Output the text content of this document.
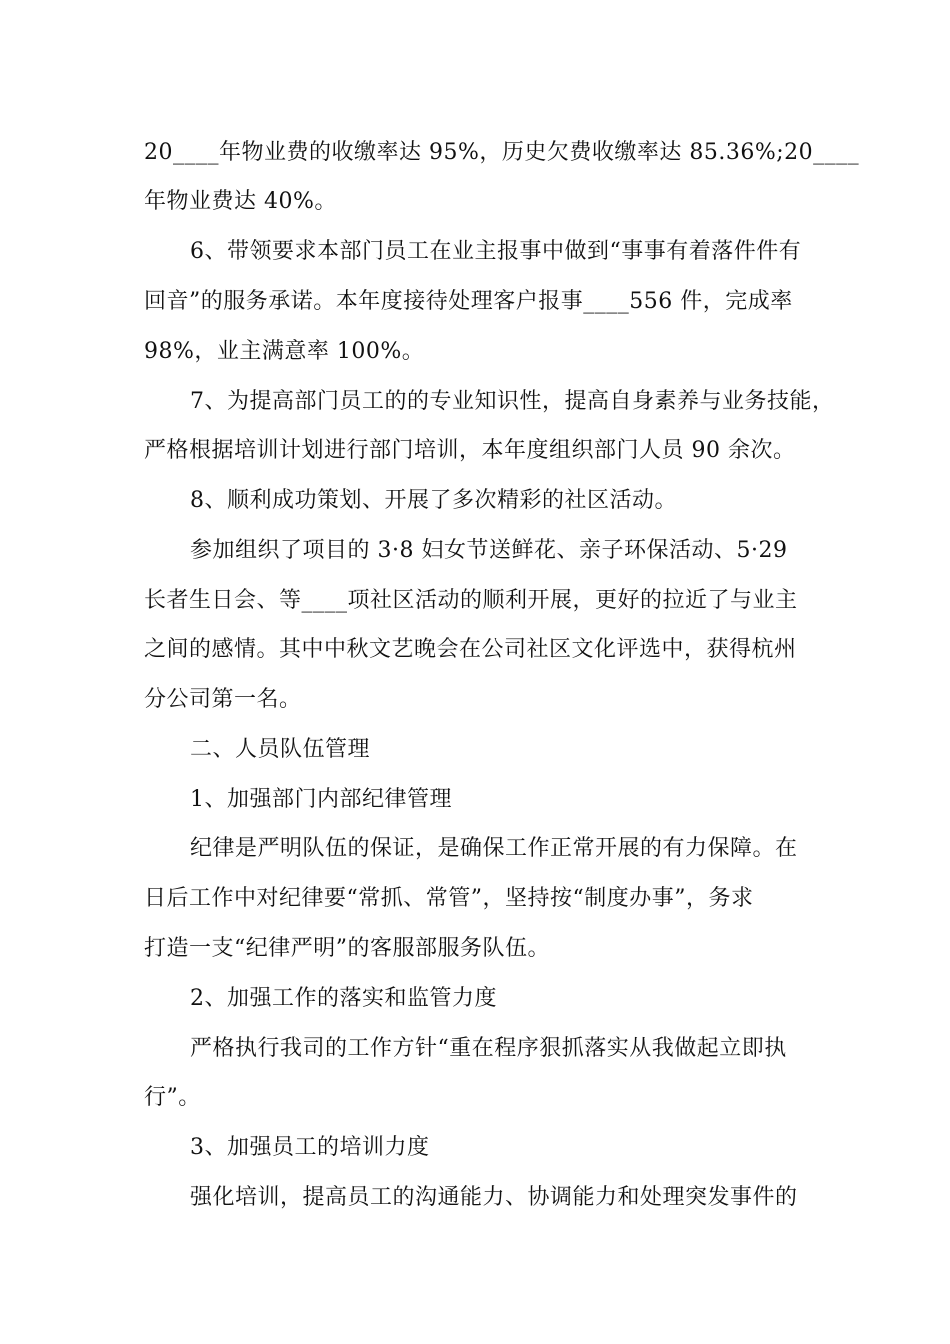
20____年物业费的收缴率达 95%，历史欠费收缴率达 85.36%;20____
年物业费达 40%。
6、带领要求本部门员工在业主报事中做到“事事有着落件件有
回音”的服务承诺。本年度接待处理客户报事____556 件，完成率
98%，业主满意率 100%。
7、为提高部门员工的的专业知识性，提高自身素养与业务技能，
严格根据培训计划进行部门培训，本年度组织部门人员 90 余次。
8、顺利成功策划、开展了多次精彩的社区活动。
参加组织了项目的 3·8 妇女节送鲜花、亲子环保活动、5·29
长者生日会、等____项社区活动的顺利开展，更好的拉近了与业主
之间的感情。其中中秋文艺晚会在公司社区文化评选中，获得杭州
分公司第一名。
二、人员队伍管理
1、加强部门内部纪律管理
纪律是严明队伍的保证，是确保工作正常开展的有力保障。在
日后工作中对纪律要“常抓、常管”，坚持按“制度办事”，务求
打造一支“纪律严明”的客服部服务队伍。
2、加强工作的落实和监管力度
严格执行我司的工作方针“重在程序狠抓落实从我做起立即执
行”。
3、加强员工的培训力度
强化培训，提高员工的沟通能力、协调能力和处理突发事件的
